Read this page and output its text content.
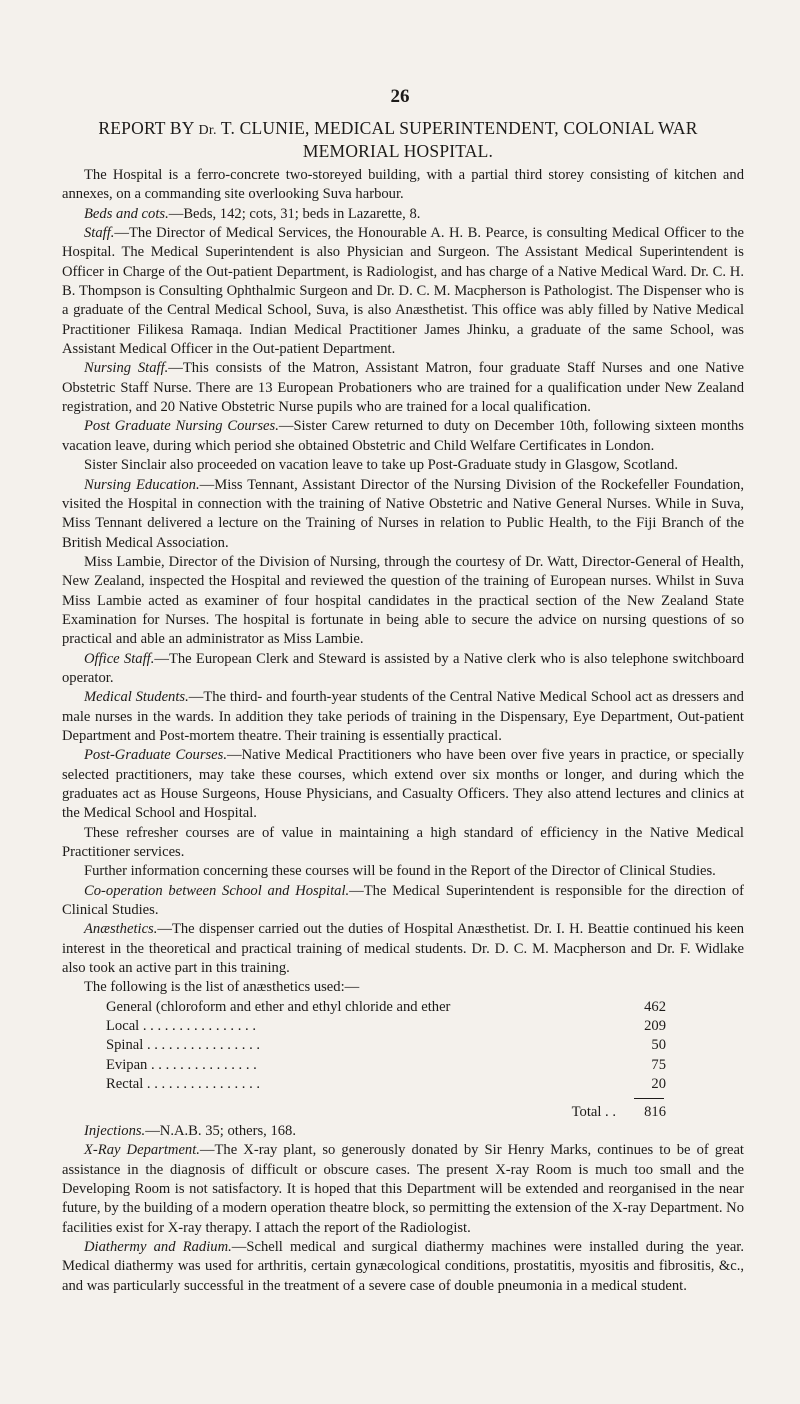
26
REPORT BY Dr. T. CLUNIE, MEDICAL SUPERINTENDENT, COLONIAL WAR
MEMORIAL HOSPITAL.

The Hospital is a ferro-concrete two-storeyed building, with a partial third storey consisting of kitchen and annexes, on a commanding site overlooking Suva harbour.

Beds and cots.—Beds, 142; cots, 31; beds in Lazarette, 8.

Staff.—The Director of Medical Services, the Honourable A. H. B. Pearce, is consulting Medical Officer to the Hospital. The Medical Superintendent is also Physician and Surgeon. The Assistant Medical Superintendent is Officer in Charge of the Out-patient Department, is Radiologist, and has charge of a Native Medical Ward. Dr. C. H. B. Thompson is Consulting Ophthalmic Surgeon and Dr. D. C. M. Macpherson is Pathologist. The Dispenser who is a graduate of the Central Medical School, Suva, is also Anæsthetist. This office was ably filled by Native Medical Practitioner Filikesa Ramaqa. Indian Medical Practitioner James Jhinku, a graduate of the same School, was Assistant Medical Officer in the Out-patient Department.

Nursing Staff.—This consists of the Matron, Assistant Matron, four graduate Staff Nurses and one Native Obstetric Staff Nurse. There are 13 European Probationers who are trained for a qualification under New Zealand registration, and 20 Native Obstetric Nurse pupils who are trained for a local qualification.

Post Graduate Nursing Courses.—Sister Carew returned to duty on December 10th, following sixteen months vacation leave, during which period she obtained Obstetric and Child Welfare Certificates in London.

Sister Sinclair also proceeded on vacation leave to take up Post-Graduate study in Glasgow, Scotland.

Nursing Education.—Miss Tennant, Assistant Director of the Nursing Division of the Rockefeller Foundation, visited the Hospital in connection with the training of Native Obstetric and Native General Nurses. While in Suva, Miss Tennant delivered a lecture on the Training of Nurses in relation to Public Health, to the Fiji Branch of the British Medical Association.

Miss Lambie, Director of the Division of Nursing, through the courtesy of Dr. Watt, Director-General of Health, New Zealand, inspected the Hospital and reviewed the question of the training of European nurses. Whilst in Suva Miss Lambie acted as examiner of four hospital candidates in the practical section of the New Zealand State Examination for Nurses. The hospital is fortunate in being able to secure the advice on nursing questions of so practical and able an administrator as Miss Lambie.

Office Staff.—The European Clerk and Steward is assisted by a Native clerk who is also telephone switchboard operator.

Medical Students.—The third- and fourth-year students of the Central Native Medical School act as dressers and male nurses in the wards. In addition they take periods of training in the Dispensary, Eye Department, Out-patient Department and Post-mortem theatre. Their training is essentially practical.

Post-Graduate Courses.—Native Medical Practitioners who have been over five years in practice, or specially selected practitioners, may take these courses, which extend over six months or longer, and during which the graduates act as House Surgeons, House Physicians, and Casualty Officers. They also attend lectures and clinics at the Medical School and Hospital.

These refresher courses are of value in maintaining a high standard of efficiency in the Native Medical Practitioner services.

Further information concerning these courses will be found in the Report of the Director of Clinical Studies.

Co-operation between School and Hospital.—The Medical Superintendent is responsible for the direction of Clinical Studies.

Anæsthetics.—The dispenser carried out the duties of Hospital Anæsthetist. Dr. I. H. Beattie continued his keen interest in the theoretical and practical training of medical students. Dr. D. C. M. Macpherson and Dr. F. Widlake also took an active part in this training.

The following is the list of anæsthetics used:—

General (chloroform and ether and ethyl chloride and ether	462
Local . . . . . . . . . . . . . . . .	209
Spinal . . . . . . . . . . . . . . . .	50
Evipan . . . . . . . . . . . . . . .	75
Rectal . . . . . . . . . . . . . . . .	20
Total . .	816

Injections.—N.A.B. 35; others, 168.

X-Ray Department.—The X-ray plant, so generously donated by Sir Henry Marks, continues to be of great assistance in the diagnosis of difficult or obscure cases. The present X-ray Room is much too small and the Developing Room is not satisfactory. It is hoped that this Department will be extended and reorganised in the near future, by the building of a modern operation theatre block, so permitting the extension of the X-ray Department. No facilities exist for X-ray therapy. I attach the report of the Radiologist.

Diathermy and Radium.—Schell medical and surgical diathermy machines were installed during the year. Medical diathermy was used for arthritis, certain gynæcological conditions, prostatitis, myositis and fibrositis, &c., and was particularly successful in the treatment of a severe case of double pneumonia in a medical student.
